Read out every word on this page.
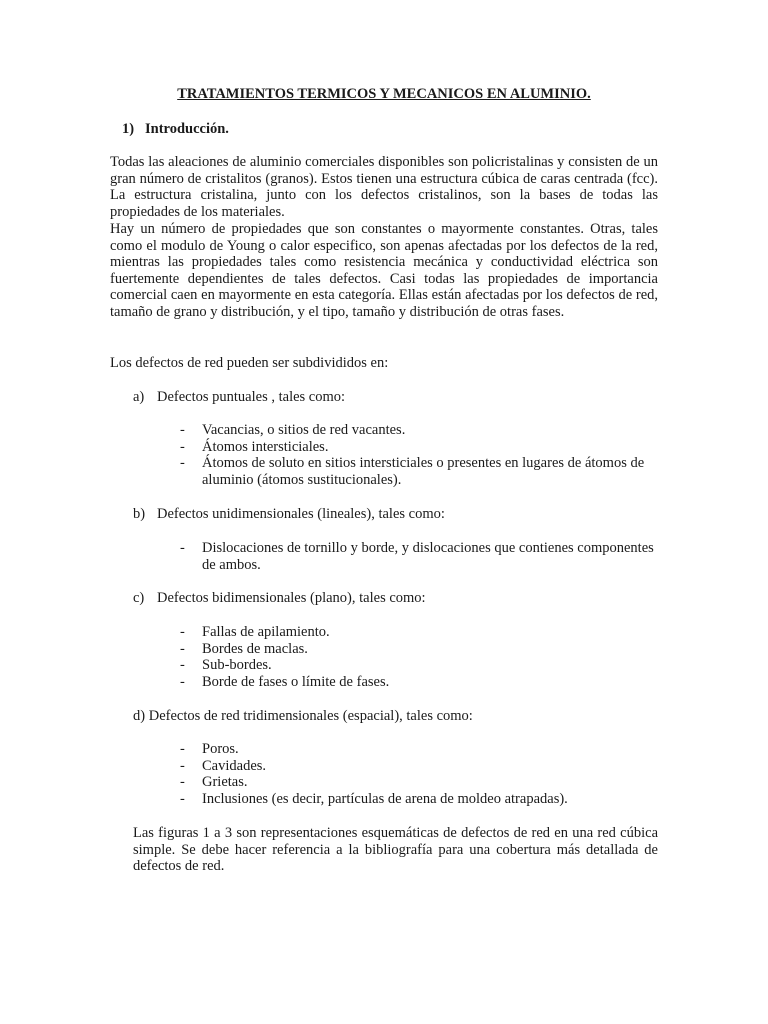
TRATAMIENTOS TERMICOS Y MECANICOS EN ALUMINIO.
1) Introducción.
Todas las aleaciones de aluminio comerciales disponibles son policristalinas y consisten de un gran número de cristalitos (granos). Estos tienen una estructura cúbica de caras centrada (fcc). La estructura cristalina, junto con los defectos cristalinos, son la bases de todas las propiedades de los materiales.
Hay un número de propiedades que son constantes o mayormente constantes. Otras, tales como el modulo de Young o calor especifico, son apenas afectadas por los defectos de la red, mientras las propiedades tales como resistencia mecánica y conductividad eléctrica son fuertemente dependientes de tales defectos. Casi todas las propiedades de importancia comercial caen en mayormente en esta categoría. Ellas están afectadas por los defectos de red, tamaño de grano y distribución, y el tipo, tamaño y distribución de otras fases.
Los defectos de red pueden ser subdivididos en:
a) Defectos puntuales , tales como:
- Vacancias, o sitios de red vacantes.
- Átomos intersticiales.
- Átomos de soluto en sitios intersticiales o presentes en lugares de átomos de aluminio (átomos sustitucionales).
b) Defectos unidimensionales (lineales), tales como:
- Dislocaciones de tornillo y borde, y dislocaciones que contienes componentes de ambos.
c) Defectos bidimensionales (plano), tales como:
- Fallas de apilamiento.
- Bordes de maclas.
- Sub-bordes.
- Borde de fases o límite de fases.
d) Defectos de red tridimensionales (espacial), tales como:
- Poros.
- Cavidades.
- Grietas.
- Inclusiones (es decir, partículas de arena de moldeo atrapadas).
Las figuras 1 a 3 son representaciones esquemáticas de defectos de red en una red cúbica simple. Se debe hacer referencia a la bibliografía para una cobertura más detallada de defectos de red.
